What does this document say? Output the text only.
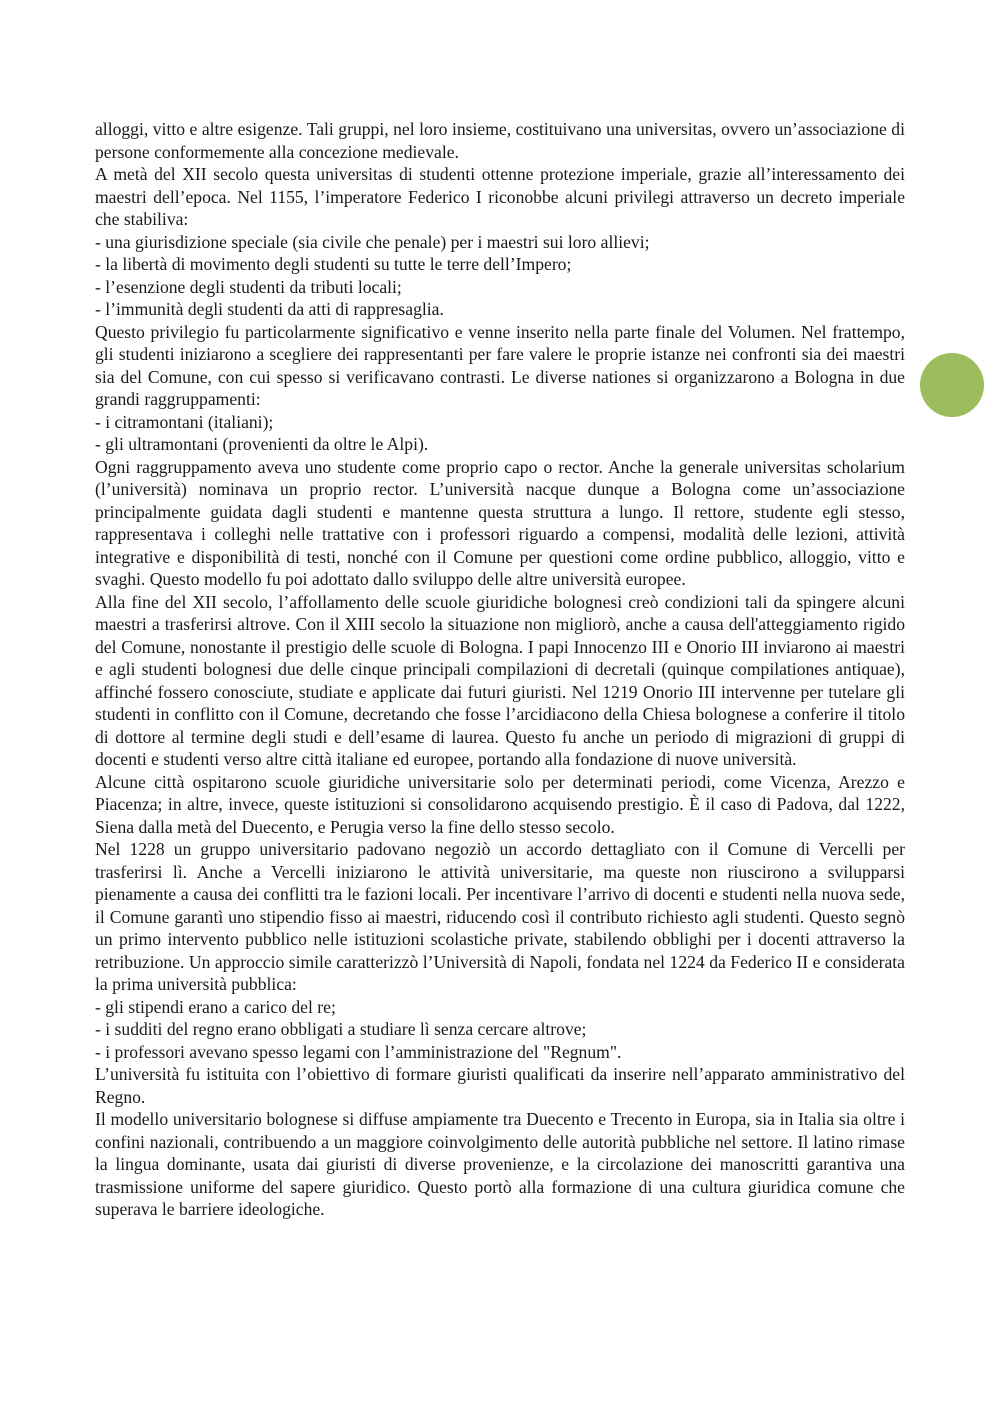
alloggi, vitto e altre esigenze. Tali gruppi, nel loro insieme, costituivano una universitas, ovvero un’associazione di persone conformemente alla concezione medievale.

A metà del XII secolo questa universitas di studenti ottenne protezione imperiale, grazie all’interessamento dei maestri dell’epoca. Nel 1155, l’imperatore Federico I riconobbe alcuni privilegi attraverso un decreto imperiale che stabiliva:

- una giurisdizione speciale (sia civile che penale) per i maestri sui loro allievi;

- la libertà di movimento degli studenti su tutte le terre dell’Impero;

- l’esenzione degli studenti da tributi locali;

- l’immunità degli studenti da atti di rappresaglia.

Questo privilegio fu particolarmente significativo e venne inserito nella parte finale del Volumen. Nel frattempo, gli studenti iniziarono a scegliere dei rappresentanti per fare valere le proprie istanze nei confronti sia dei maestri sia del Comune, con cui spesso si verificavano contrasti. Le diverse nationes si organizzarono a Bologna in due grandi raggruppamenti:

- i citramontani (italiani);

- gli ultramontani (provenienti da oltre le Alpi).

Ogni raggruppamento aveva uno studente come proprio capo o rector. Anche la generale universitas scholarium (l’università) nominava un proprio rector. L’università nacque dunque a Bologna come un’associazione principalmente guidata dagli studenti e mantenne questa struttura a lungo. Il rettore, studente egli stesso, rappresentava i colleghi nelle trattative con i professori riguardo a compensi, modalità delle lezioni, attività integrative e disponibilità di testi, nonché con il Comune per questioni come ordine pubblico, alloggio, vitto e svaghi. Questo modello fu poi adottato dallo sviluppo delle altre università europee.

Alla fine del XII secolo, l’affollamento delle scuole giuridiche bolognesi creò condizioni tali da spingere alcuni maestri a trasferirsi altrove. Con il XIII secolo la situazione non migliorò, anche a causa dell'atteggiamento rigido del Comune, nonostante il prestigio delle scuole di Bologna. I papi Innocenzo III e Onorio III inviarono ai maestri e agli studenti bolognesi due delle cinque principali compilazioni di decretali (quinque compilationes antiquae), affinché fossero conosciute, studiate e applicate dai futuri giuristi. Nel 1219 Onorio III intervenne per tutelare gli studenti in conflitto con il Comune, decretando che fosse l’arcidiacono della Chiesa bolognese a conferire il titolo di dottore al termine degli studi e dell’esame di laurea. Questo fu anche un periodo di migrazioni di gruppi di docenti e studenti verso altre città italiane ed europee, portando alla fondazione di nuove università.

Alcune città ospitarono scuole giuridiche universitarie solo per determinati periodi, come Vicenza, Arezzo e Piacenza; in altre, invece, queste istituzioni si consolidarono acquisendo prestigio. È il caso di Padova, dal 1222, Siena dalla metà del Duecento, e Perugia verso la fine dello stesso secolo.

Nel 1228 un gruppo universitario padovano negoziò un accordo dettagliato con il Comune di Vercelli per trasferirsi lì. Anche a Vercelli iniziarono le attività universitarie, ma queste non riuscirono a svilupparsi pienamente a causa dei conflitti tra le fazioni locali. Per incentivare l’arrivo di docenti e studenti nella nuova sede, il Comune garantì uno stipendio fisso ai maestri, riducendo così il contributo richiesto agli studenti. Questo segnò un primo intervento pubblico nelle istituzioni scolastiche private, stabilendo obblighi per i docenti attraverso la retribuzione. Un approccio simile caratterizzò l’Università di Napoli, fondata nel 1224 da Federico II e considerata la prima università pubblica:

- gli stipendi erano a carico del re;

- i sudditi del regno erano obbligati a studiare lì senza cercare altrove;

- i professori avevano spesso legami con l’amministrazione del "Regnum".

L’università fu istituita con l’obiettivo di formare giuristi qualificati da inserire nell’apparato amministrativo del Regno.

Il modello universitario bolognese si diffuse ampiamente tra Duecento e Trecento in Europa, sia in Italia sia oltre i confini nazionali, contribuendo a un maggiore coinvolgimento delle autorità pubbliche nel settore. Il latino rimase la lingua dominante, usata dai giuristi di diverse provenienze, e la circolazione dei manoscritti garantiva una trasmissione uniforme del sapere giuridico. Questo portò alla formazione di una cultura giuridica comune che superava le barriere ideologiche.
